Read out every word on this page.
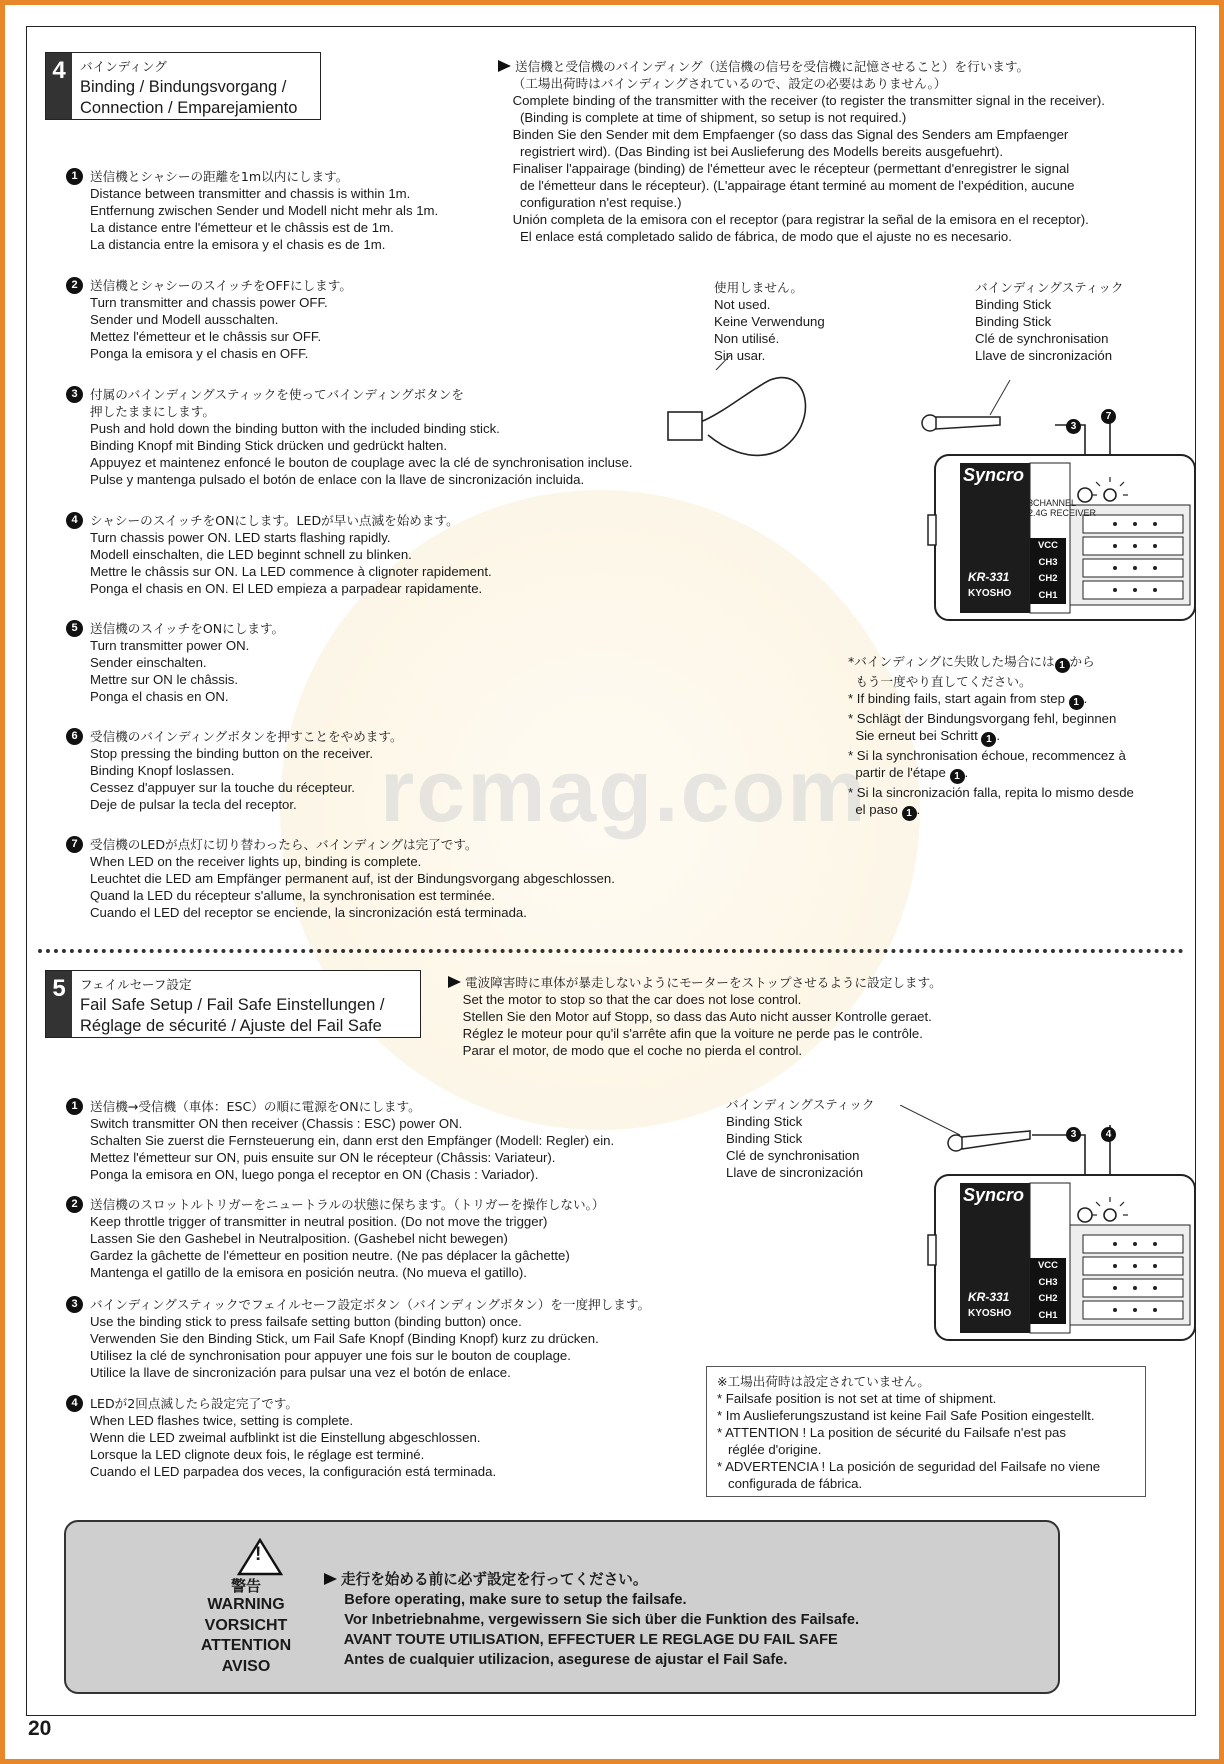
rcmag.com
4	バインディング
Binding / Bindungsvorgang /
Connection / Emparejamiento
送信機と受信機のバインディング（送信機の信号を受信機に記憶させること）を行います。
（工場出荷時はバインディングされているので、設定の必要はありません。）
Complete binding of the transmitter with the receiver (to register the transmitter signal in the receiver).
(Binding is complete at time of shipment, so setup is not required.)
Binden Sie den Sender mit dem Empfaenger (so dass das Signal des Senders am Empfaenger
registriert wird). (Das Binding ist bei Auslieferung des Modells bereits ausgefuehrt).
Finaliser l'appairage (binding) de l'émetteur avec le récepteur (permettant d'enregistrer le signal
de l'émetteur dans le récepteur). (L'appairage étant terminé au moment de l'expédition, aucune
configuration n'est requise.)
Unión completa de la emisora con el receptor (para registrar la señal de la emisora en el receptor).
El enlace está completado salido de fábrica, de modo que el ajuste no es necesario.
1 送信機とシャシーの距離を1m以内にします。
Distance between transmitter and chassis is within 1m.
Entfernung zwischen Sender und Modell nicht mehr als 1m.
La distance entre l'émetteur et le châssis est de 1m.
La distancia entre la emisora y el chasis es de 1m.
2 送信機とシャシーのスイッチをOFFにします。
Turn transmitter and chassis power OFF.
Sender und Modell ausschalten.
Mettez l'émetteur et le châssis sur OFF.
Ponga la emisora y el chasis en OFF.
3 付属のバインディングスティックを使ってバインディングボタンを
押したままにします。
Push and hold down the binding button with the included binding stick.
Binding Knopf mit Binding Stick drücken und gedrückt halten.
Appuyez et maintenez enfoncé le bouton de couplage avec la clé de synchronisation incluse.
Pulse y mantenga pulsado el botón de enlace con la llave de sincronización incluida.
4 シャシーのスイッチをONにします。LEDが早い点滅を始めます。
Turn chassis power ON. LED starts flashing rapidly.
Modell einschalten, die LED beginnt schnell zu blinken.
Mettre le châssis sur ON. La LED commence à clignoter rapidement.
Ponga el chasis en ON. El LED empieza a parpadear rapidamente.
5 送信機のスイッチをONにします。
Turn transmitter power ON.
Sender einschalten.
Mettre sur ON le châssis.
Ponga el chasis en ON.
6 受信機のバインディングボタンを押すことをやめます。
Stop pressing the binding button on the receiver.
Binding Knopf loslassen.
Cessez d'appuyer sur la touche du récepteur.
Deje de pulsar la tecla del receptor.
7 受信機のLEDが点灯に切り替わったら、バインディングは完了です。
When LED on the receiver lights up, binding is complete.
Leuchtet die LED am Empfänger permanent auf, ist der Bindungsvorgang abgeschlossen.
Quand la LED du récepteur s'allume, la synchronisation est terminée.
Cuando el LED del receptor se enciende, la sincronización está terminada.
使用しません。
Not used.
Keine Verwendung
Non utilisé.
Sin usar.
バインディングスティック
Binding Stick
Binding Stick
Clé de synchronisation
Llave de sincronización
Syncro
KR-331
KYOSHO
3CHANNEL
2.4G RECEIVER
VCC
CH3
CH2
CH1
3
7
*バインディングに失敗した場合には 1 から
もう一度やり直してください。
* If binding fails, start again from step 1 .
* Schlägt der Bindungsvorgang fehl, beginnen
Sie erneut bei Schritt 1 .
* Si la synchronisation échoue, recommencez à
partir de l'étape 1 .
* Si la sincronización falla, repita lo mismo desde
el paso 1 .
5	フェイルセーフ設定
Fail Safe Setup / Fail Safe Einstellungen /
Réglage de sécurité / Ajuste del Fail Safe
電波障害時に車体が暴走しないようにモーターをストップさせるように設定します。
Set the motor to stop so that the car does not lose control.
Stellen Sie den Motor auf Stopp, so dass das Auto nicht ausser Kontrolle geraet.
Réglez le moteur pour qu'il s'arrête afin que la voiture ne perde pas le contrôle.
Parar el motor, de modo que el coche no pierda el control.
1 送信機→受信機（車体：ESC）の順に電源をONにします。
Switch transmitter ON then receiver (Chassis : ESC) power ON.
Schalten Sie zuerst die Fernsteuerung ein, dann erst den Empfänger (Modell: Regler) ein.
Mettez l'émetteur sur ON, puis ensuite sur ON le récepteur (Châssis: Variateur).
Ponga la emisora en ON, luego ponga el receptor en ON (Chasis : Variador).
2 送信機のスロットルトリガーをニュートラルの状態に保ちます。（トリガーを操作しない。）
Keep throttle trigger of transmitter in neutral position. (Do not move the trigger)
Lassen Sie den Gashebel in Neutralposition. (Gashebel nicht bewegen)
Gardez la gâchette de l'émetteur en position neutre. (Ne pas déplacer la gâchette)
Mantenga el gatillo de la emisora en posición neutra. (No mueva el gatillo).
3 バインディングスティックでフェイルセーフ設定ボタン（バインディングボタン）を一度押します。
Use the binding stick to press failsafe setting button (binding button) once.
Verwenden Sie den Binding Stick, um Fail Safe Knopf (Binding Knopf) kurz zu drücken.
Utilisez la clé de synchronisation pour appuyer une fois sur le bouton de couplage.
Utilice la llave de sincronización para pulsar una vez el botón de enlace.
4 LEDが2回点滅したら設定完了です。
When LED flashes twice, setting is complete.
Wenn die LED zweimal aufblinkt ist die Einstellung abgeschlossen.
Lorsque la LED clignote deux fois, le réglage est terminé.
Cuando el LED parpadea dos veces, la configuración está terminada.
バインディングスティック
Binding Stick
Binding Stick
Clé de synchronisation
Llave de sincronización
Syncro
KR-331
KYOSHO
VCC
CH3
CH2
CH1
3	4
※工場出荷時は設定されていません。
* Failsafe position is not set at time of shipment.
* Im Auslieferungszustand ist keine Fail Safe Position eingestellt.
* ATTENTION ! La position de sécurité du Failsafe n'est pas
réglée d'origine.
* ADVERTENCIA ! La posición de seguridad del Failsafe no viene
configurada de fábrica.
!
警告
WARNING
VORSICHT
ATTENTION
AVISO
走行を始める前に必ず設定を行ってください。
Before operating, make sure to setup the failsafe.
Vor Inbetriebnahme, vergewissern Sie sich über die Funktion des Failsafe.
AVANT TOUTE UTILISATION, EFFECTUER LE REGLAGE DU FAIL SAFE
Antes de cualquier utilizacion, asegurese de ajustar el Fail Safe.
20
